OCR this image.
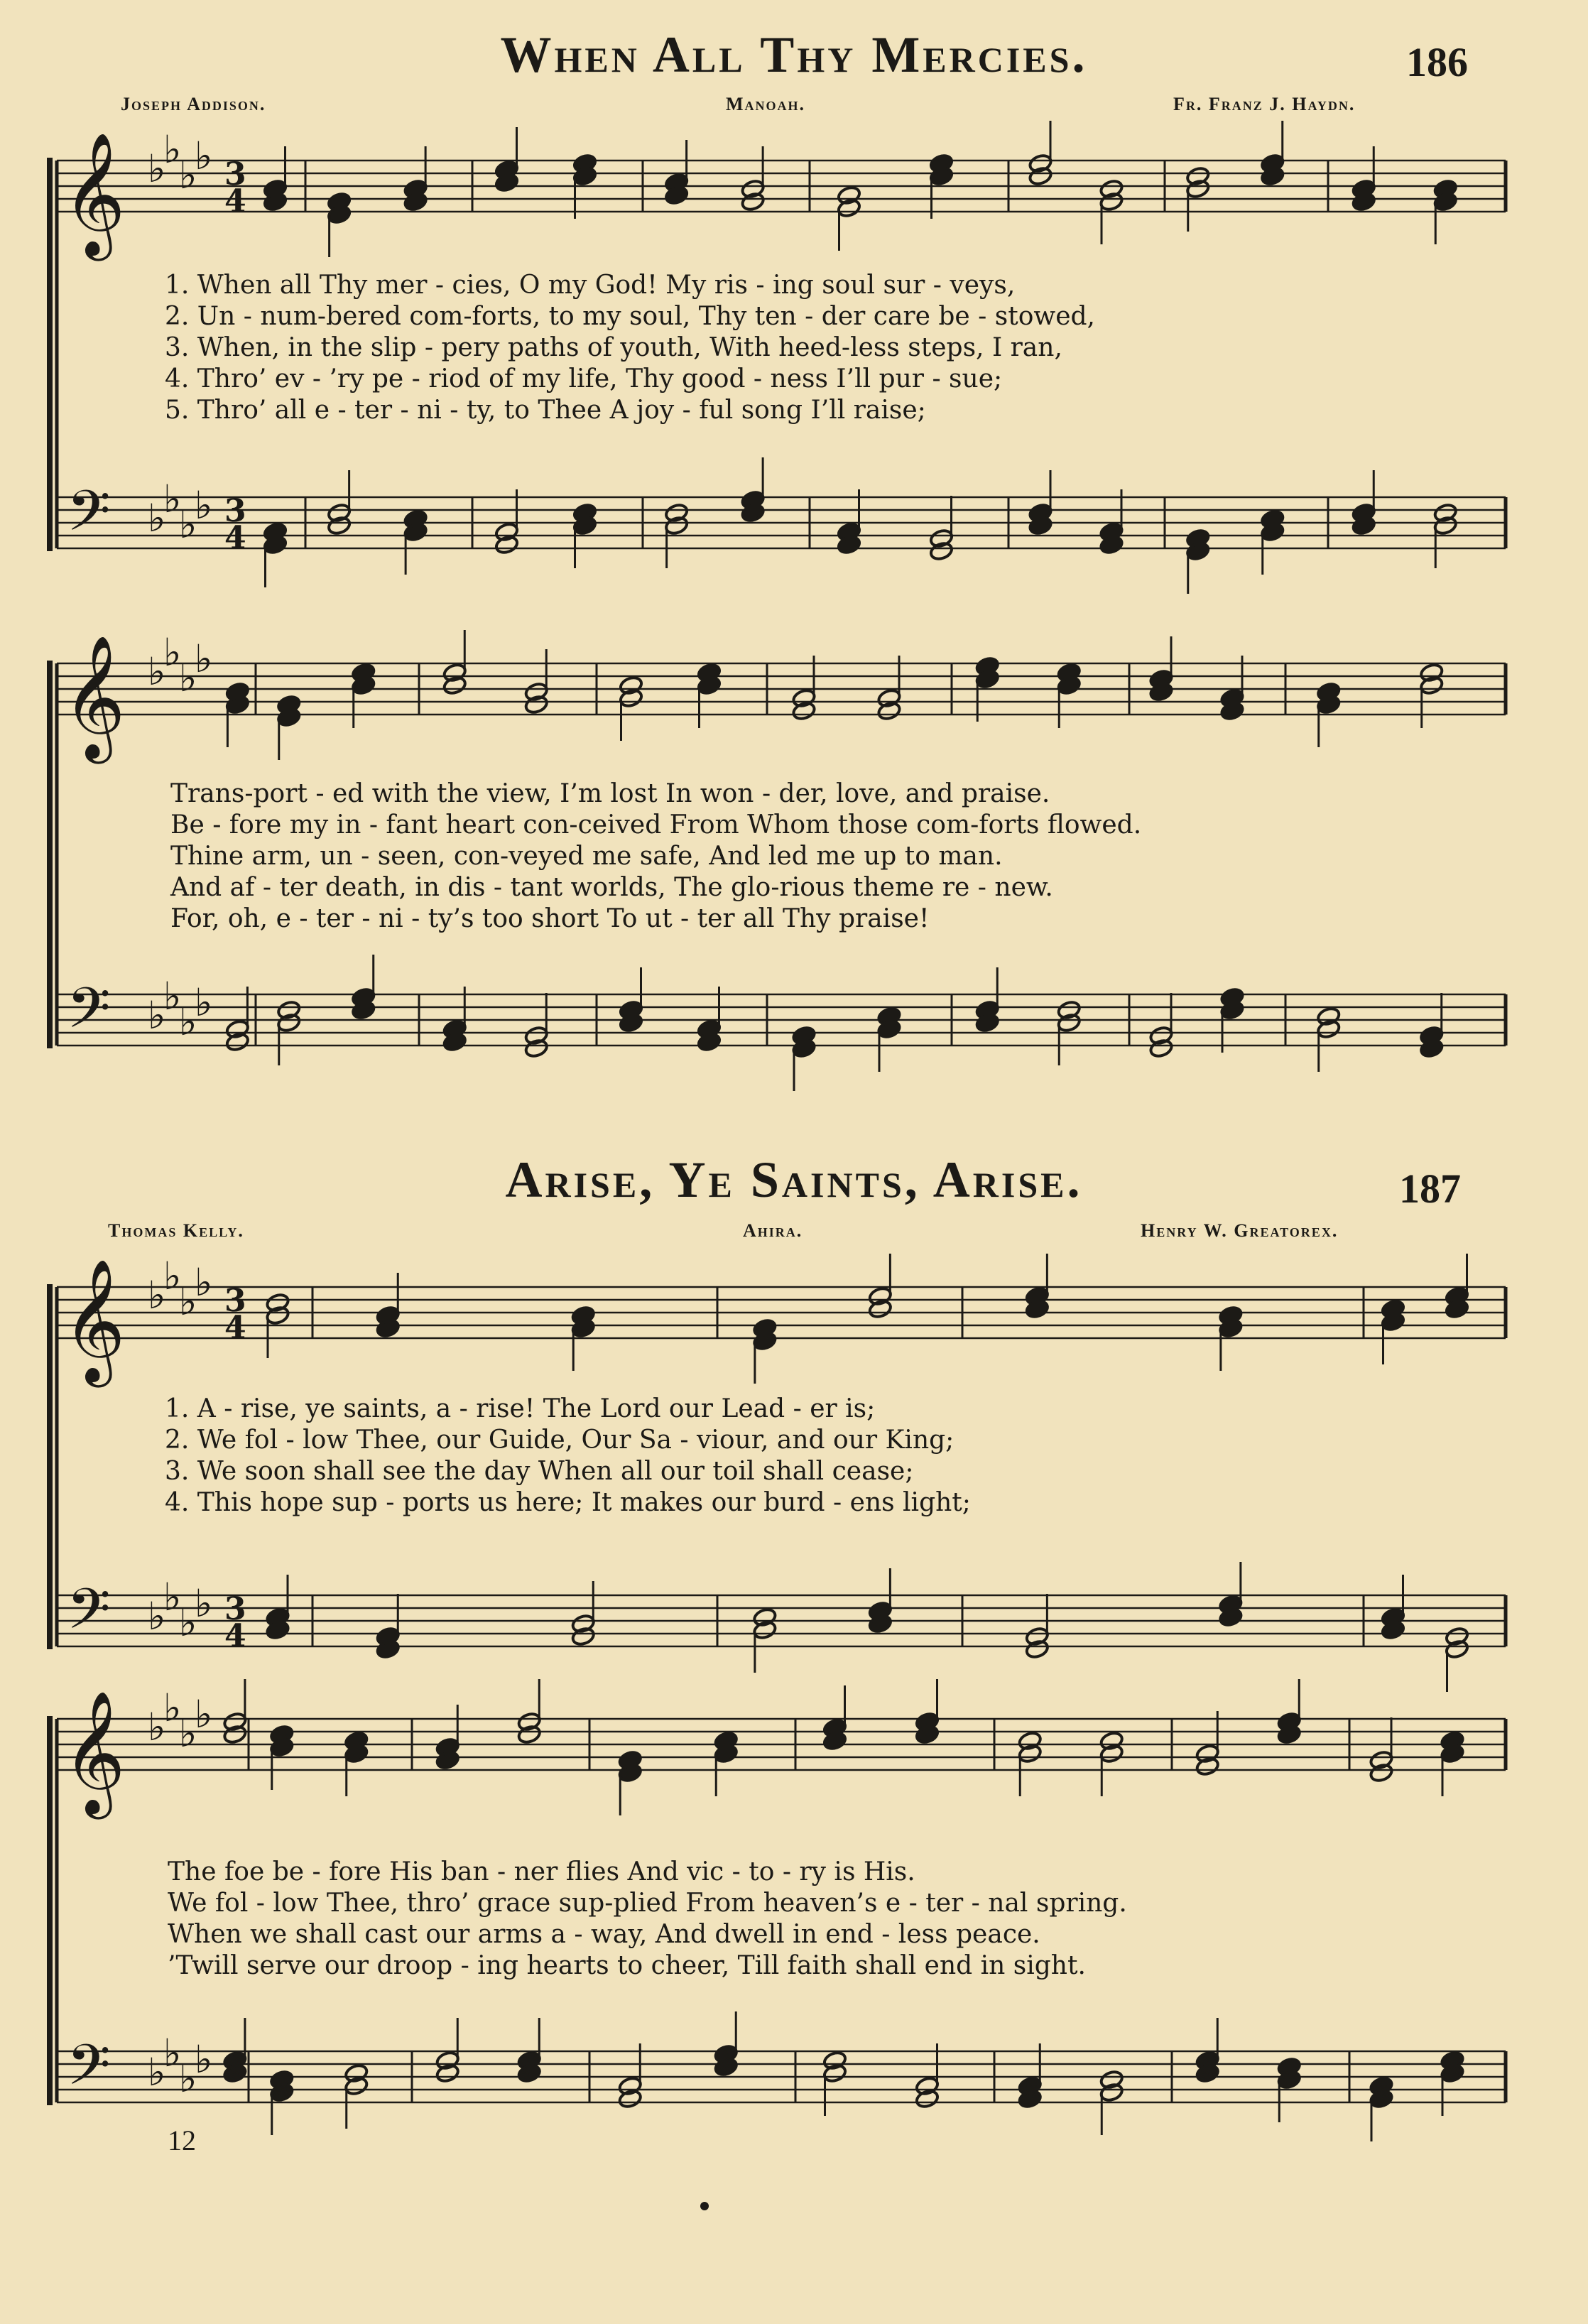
When All Thy Mercies.	186
Joseph Addison.	Manoah.	Fr. Franz J. Haydn.
1. When all Thy mer - cies, O my God! My ris - ing soul sur - veys,
2. Un - num-bered com-forts, to my soul, Thy ten - der care be - stowed,
3. When, in the slip - pery paths of youth, With heed-less steps, I ran,
4. Thro’ ev - ’ry pe - riod of my life, Thy good - ness I’ll pur - sue;
5. Thro’ all e - ter - ni - ty, to Thee A joy - ful song I’ll raise;
Trans-port - ed with the view, I’m lost In won - der, love, and praise.
Be - fore my in - fant heart con-ceived From Whom those com-forts flowed.
Thine arm, un - seen, con-veyed me safe, And led me up to man.
And af - ter death, in dis - tant worlds, The glo-rious theme re - new.
For, oh, e - ter - ni - ty’s too short To ut - ter all Thy praise!
Arise, Ye Saints, Arise.	187
Thomas Kelly.	Ahira.	Henry W. Greatorex.
1. A - rise, ye saints, a - rise! The Lord our Lead - er is;
2. We fol - low Thee, our Guide, Our Sa - viour, and our King;
3. We soon shall see the day When all our toil shall cease;
4. This hope sup - ports us here; It makes our burd - ens light;
The foe be - fore His ban - ner flies And vic - to - ry is His.
We fol - low Thee, thro’ grace sup-plied From heaven’s e - ter - nal spring.
When we shall cast our arms a - way, And dwell in end - less peace.
’Twill serve our droop - ing hearts to cheer, Till faith shall end in sight.
𝄞
𝄢
♭
♭
♭
♭
♭
♭
♭
♭
3
4
3
4
𝄞
𝄢
♭
♭
♭
♭
♭
♭
♭
♭
𝄞
𝄢
♭
♭
♭
♭
♭
♭
♭
♭
3
4
3
4
𝄞
𝄢
♭
♭
♭
♭
♭
♭
♭
♭
12
